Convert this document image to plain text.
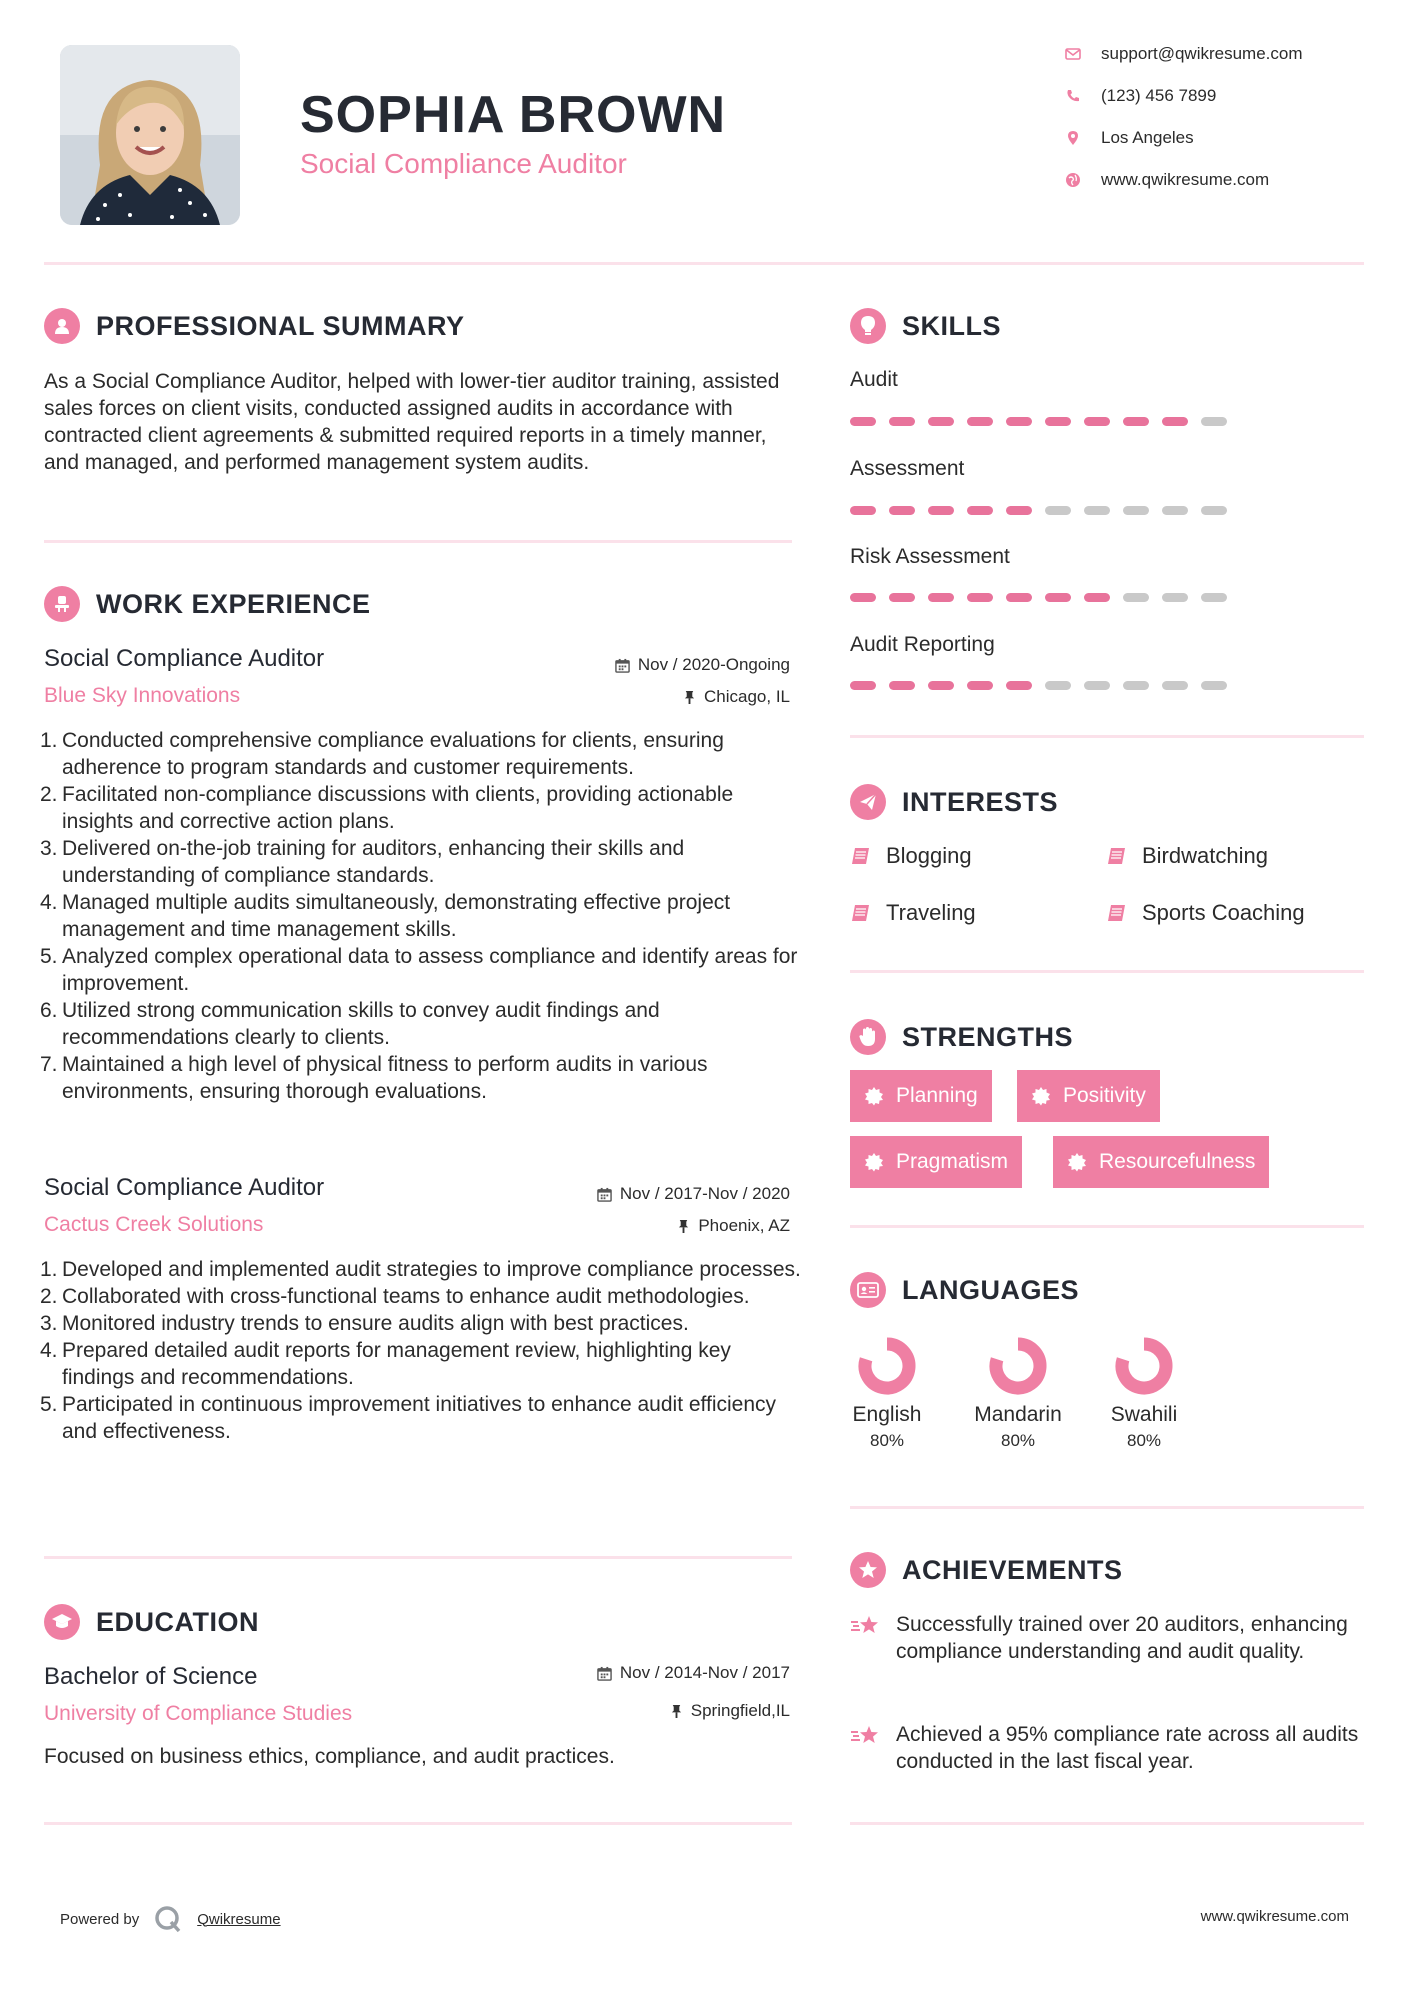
SOPHIA BROWN
Social Compliance Auditor
support@qwikresume.com
(123) 456 7899
Los Angeles
www.qwikresume.com
PROFESSIONAL SUMMARY
As a Social Compliance Auditor, helped with lower-tier auditor training, assisted sales forces on client visits, conducted assigned audits in accordance with contracted client agreements & submitted required reports in a timely manner, and managed, and performed management system audits.
WORK EXPERIENCE
Social Compliance Auditor
Blue Sky Innovations
Nov / 2020-Ongoing
Chicago, IL
1. Conducted comprehensive compliance evaluations for clients, ensuring adherence to program standards and customer requirements.
2. Facilitated non-compliance discussions with clients, providing actionable insights and corrective action plans.
3. Delivered on-the-job training for auditors, enhancing their skills and understanding of compliance standards.
4. Managed multiple audits simultaneously, demonstrating effective project management and time management skills.
5. Analyzed complex operational data to assess compliance and identify areas for improvement.
6. Utilized strong communication skills to convey audit findings and recommendations clearly to clients.
7. Maintained a high level of physical fitness to perform audits in various environments, ensuring thorough evaluations.
Social Compliance Auditor
Cactus Creek Solutions
Nov / 2017-Nov / 2020
Phoenix, AZ
1. Developed and implemented audit strategies to improve compliance processes.
2. Collaborated with cross-functional teams to enhance audit methodologies.
3. Monitored industry trends to ensure audits align with best practices.
4. Prepared detailed audit reports for management review, highlighting key findings and recommendations.
5. Participated in continuous improvement initiatives to enhance audit efficiency and effectiveness.
EDUCATION
Bachelor of Science
University of Compliance Studies
Nov / 2014-Nov / 2017
Springfield,IL
Focused on business ethics, compliance, and audit practices.
SKILLS
Audit
Assessment
Risk Assessment
Audit Reporting
INTERESTS
Blogging	Birdwatching
Traveling	Sports Coaching
STRENGTHS
Planning	Positivity
Pragmatism	Resourcefulness
LANGUAGES
English
80%
Mandarin
80%
Swahili
80%
ACHIEVEMENTS
Successfully trained over 20 auditors, enhancing compliance understanding and audit quality.
Achieved a 95% compliance rate across all audits conducted in the last fiscal year.
Powered by	Qwikresume	www.qwikresume.com
